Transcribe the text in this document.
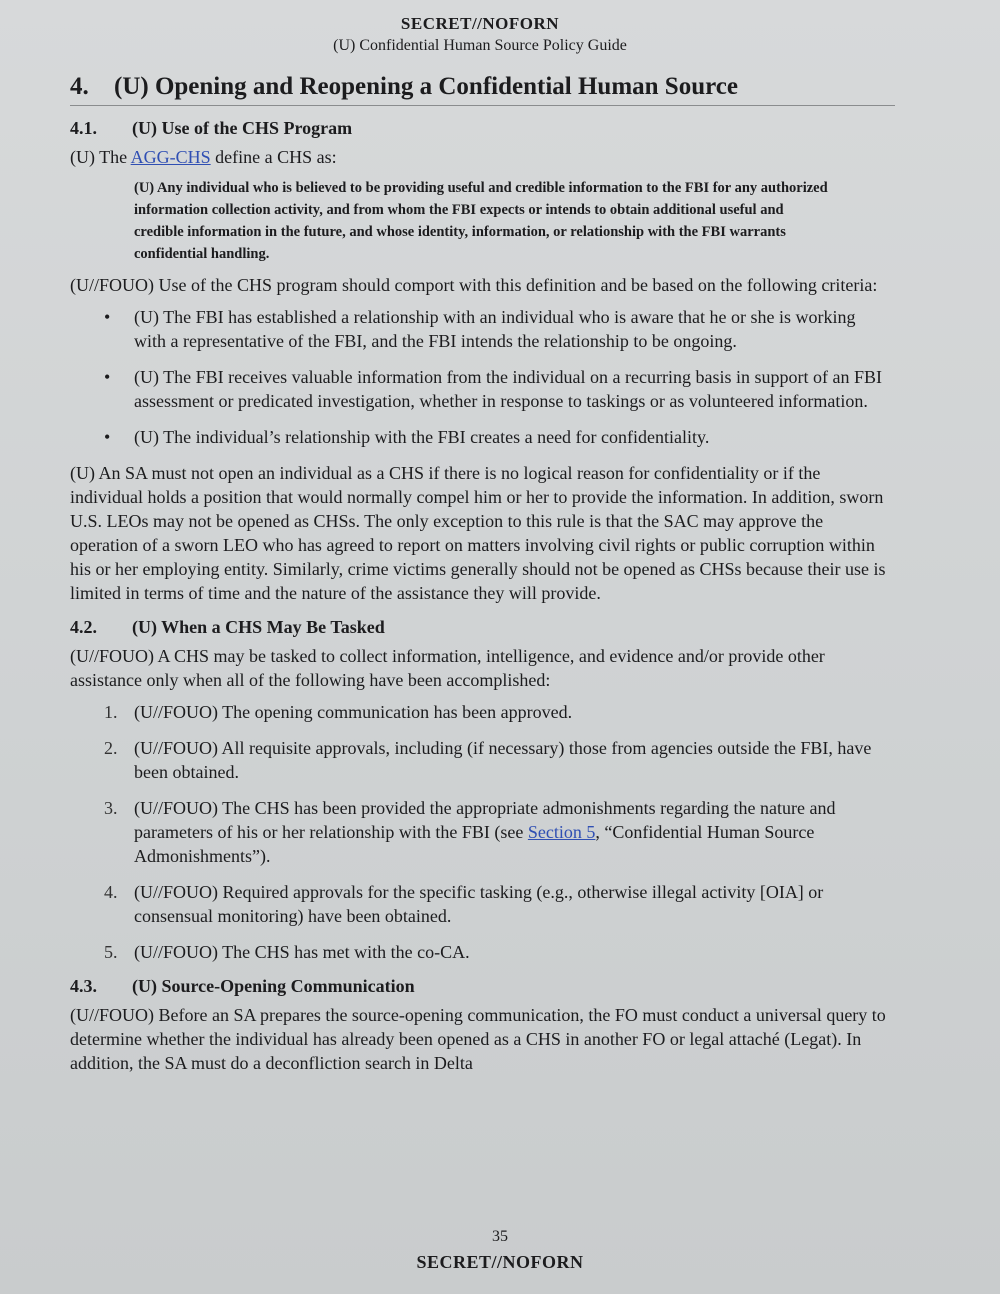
SECRET//NOFORN
(U) Confidential Human Source Policy Guide
4. (U) Opening and Reopening a Confidential Human Source
4.1. (U) Use of the CHS Program

(U) The AGG-CHS define a CHS as:

(U) Any individual who is believed to be providing useful and credible information to the FBI for any authorized information collection activity, and from whom the FBI expects or intends to obtain additional useful and credible information in the future, and whose identity, information, or relationship with the FBI warrants confidential handling.

(U//FOUO) Use of the CHS program should comport with this definition and be based on the following criteria:

• (U) The FBI has established a relationship with an individual who is aware that he or she is working with a representative of the FBI, and the FBI intends the relationship to be ongoing.
• (U) The FBI receives valuable information from the individual on a recurring basis in support of an FBI assessment or predicated investigation, whether in response to taskings or as volunteered information.
• (U) The individual’s relationship with the FBI creates a need for confidentiality.

(U) An SA must not open an individual as a CHS if there is no logical reason for confidentiality or if the individual holds a position that would normally compel him or her to provide the information. In addition, sworn U.S. LEOs may not be opened as CHSs. The only exception to this rule is that the SAC may approve the operation of a sworn LEO who has agreed to report on matters involving civil rights or public corruption within his or her employing entity. Similarly, crime victims generally should not be opened as CHSs because their use is limited in terms of time and the nature of the assistance they will provide.

4.2. (U) When a CHS May Be Tasked

(U//FOUO) A CHS may be tasked to collect information, intelligence, and evidence and/or provide other assistance only when all of the following have been accomplished:

1. (U//FOUO) The opening communication has been approved.
2. (U//FOUO) All requisite approvals, including (if necessary) those from agencies outside the FBI, have been obtained.
3. (U//FOUO) The CHS has been provided the appropriate admonishments regarding the nature and parameters of his or her relationship with the FBI (see Section 5, “Confidential Human Source Admonishments”).
4. (U//FOUO) Required approvals for the specific tasking (e.g., otherwise illegal activity [OIA] or consensual monitoring) have been obtained.
5. (U//FOUO) The CHS has met with the co-CA.
4.3. (U) Source-Opening Communication

(U//FOUO) Before an SA prepares the source-opening communication, the FO must conduct a universal query to determine whether the individual has already been opened as a CHS in another FO or legal attaché (Legat). In addition, the SA must do a deconfliction search in Delta

35
SECRET//NOFORN
